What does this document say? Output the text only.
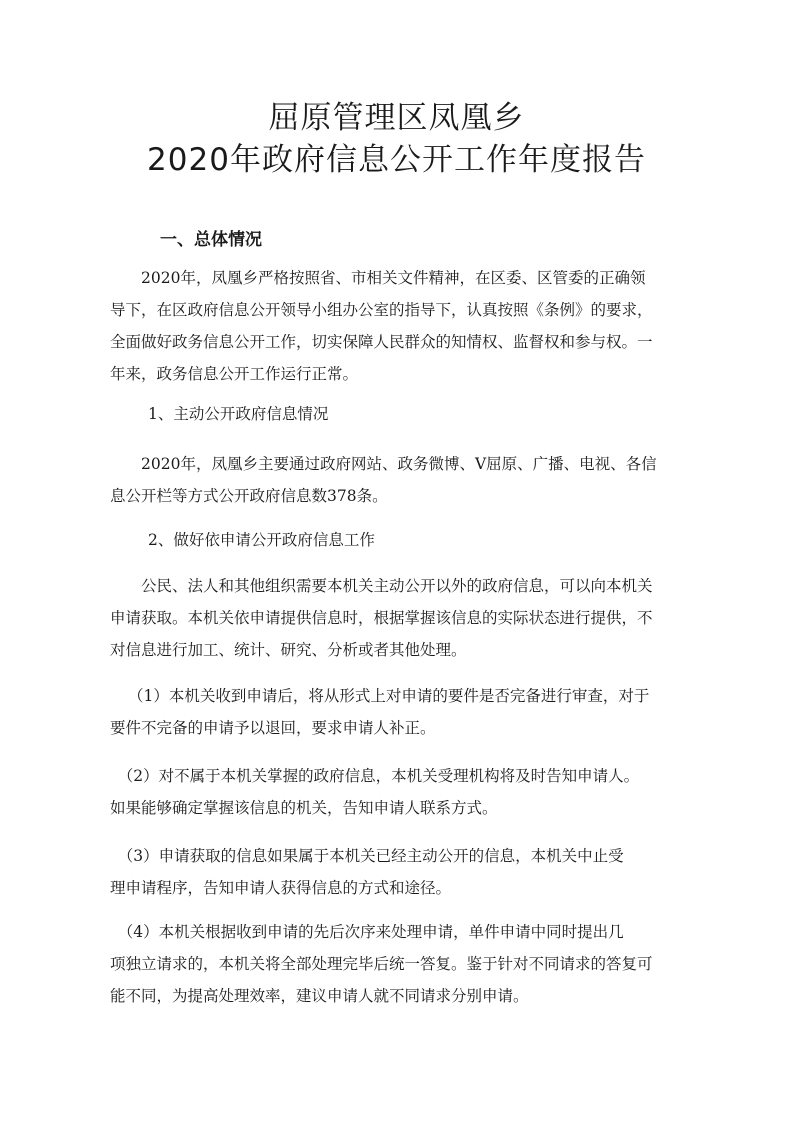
屈原管理区凤凰乡
2020年政府信息公开工作年度报告
一、总体情况
　　2020年，凤凰乡严格按照省、市相关文件精神，在区委、区管委的正确领
导下，在区政府信息公开领导小组办公室的指导下，认真按照《条例》的要求，
全面做好政务信息公开工作，切实保障人民群众的知情权、监督权和参与权。一
年来，政务信息公开工作运行正常。
1、主动公开政府信息情况
　　2020年，凤凰乡主要通过政府网站、政务微博、V屈原、广播、电视、各信
息公开栏等方式公开政府信息数378条。
2、做好依申请公开政府信息工作
　　公民、法人和其他组织需要本机关主动公开以外的政府信息，可以向本机关
申请获取。本机关依申请提供信息时，根据掌握该信息的实际状态进行提供，不
对信息进行加工、统计、研究、分析或者其他处理。
（1）本机关收到申请后，将从形式上对申请的要件是否完备进行审查，对于
要件不完备的申请予以退回，要求申请人补正。
　（2）对不属于本机关掌握的政府信息，本机关受理机构将及时告知申请人。
如果能够确定掌握该信息的机关，告知申请人联系方式。
　（3）申请获取的信息如果属于本机关已经主动公开的信息，本机关中止受
理申请程序，告知申请人获得信息的方式和途径。
　（4）本机关根据收到申请的先后次序来处理申请，单件申请中同时提出几
项独立请求的，本机关将全部处理完毕后统一答复。鉴于针对不同请求的答复可
能不同，为提高处理效率，建议申请人就不同请求分别申请。
